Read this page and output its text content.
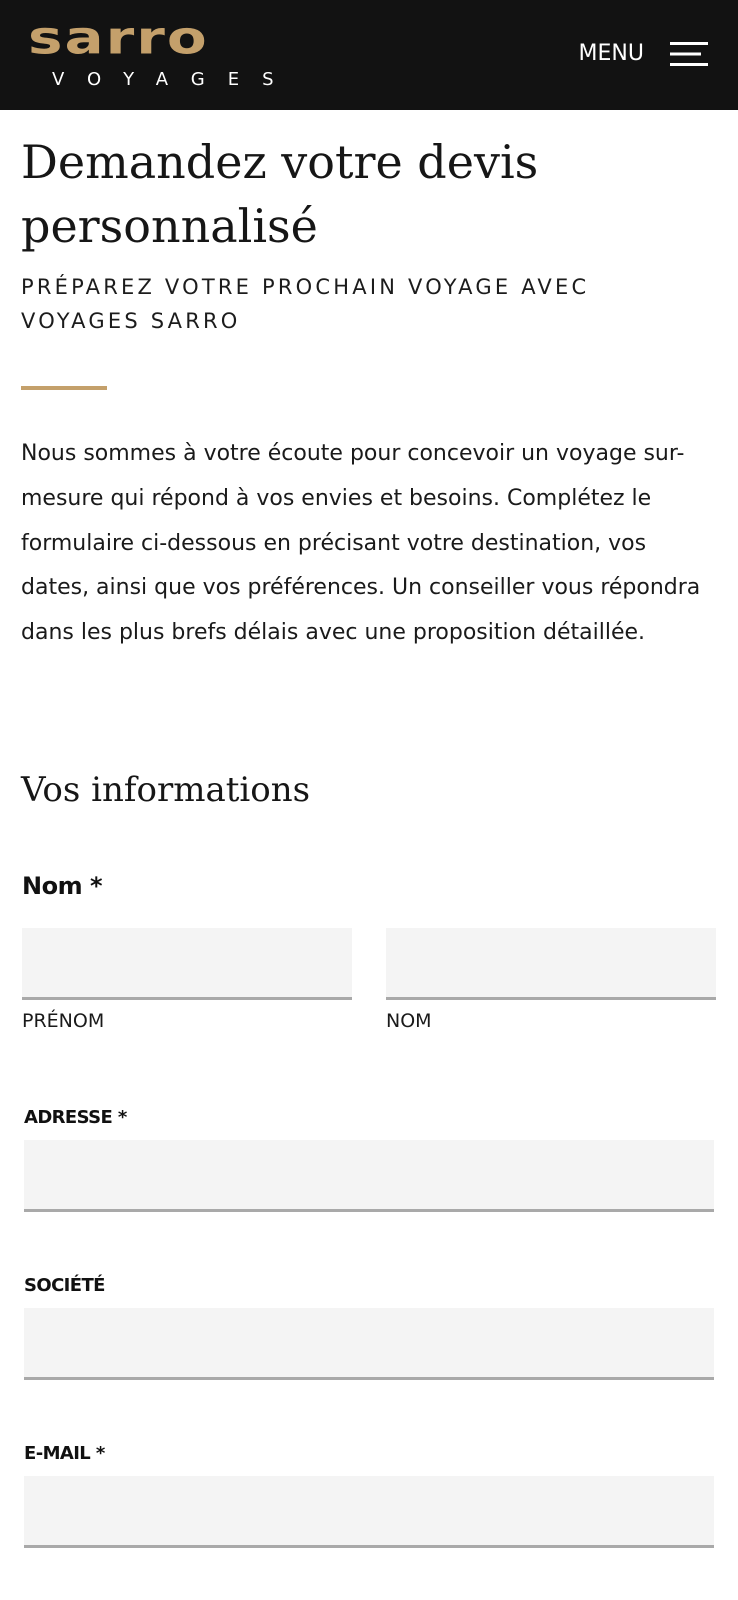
sarro
VOYAGES
MENU
Demandez votre devis personnalisé

PRÉPAREZ VOTRE PROCHAIN VOYAGE AVEC VOYAGES SARRO

Nous sommes à votre écoute pour concevoir un voyage sur-mesure qui répond à vos envies et besoins. Complétez le formulaire ci-dessous en précisant votre destination, vos dates, ainsi que vos préférences. Un conseiller vous répondra dans les plus brefs délais avec une proposition détaillée.

Vos informations
Nom *
PRÉNOM	NOM
ADRESSE *
SOCIÉTÉ
E-MAIL *
